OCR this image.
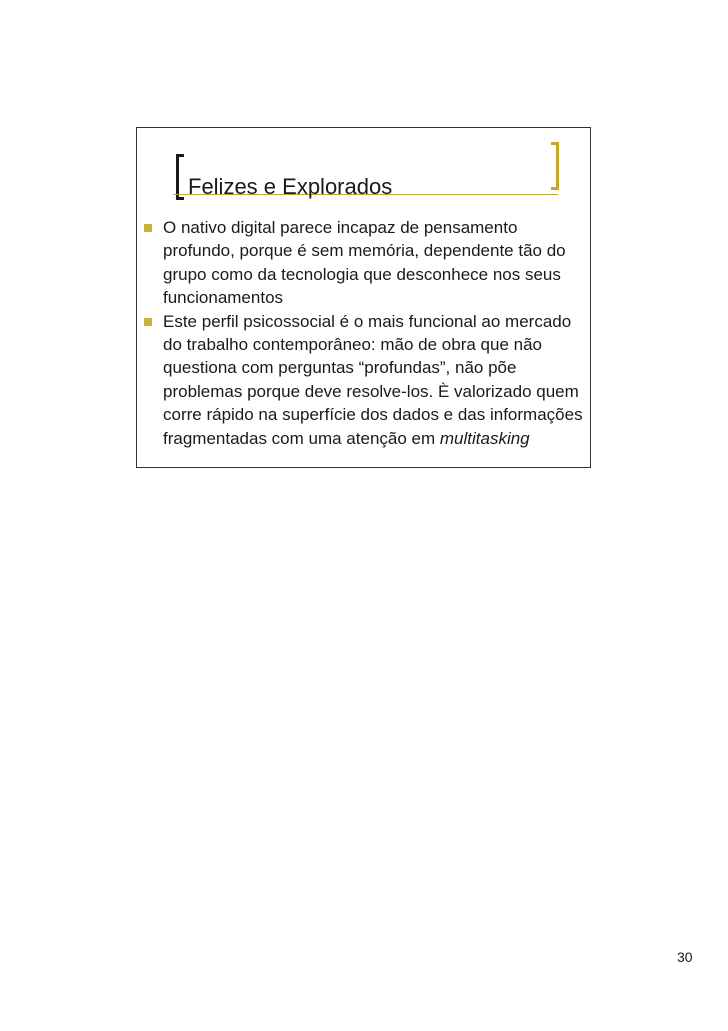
Felizes e Explorados
O nativo digital parece incapaz de pensamento profundo, porque é sem memória, dependente tão do grupo como da tecnologia que desconhece nos seus funcionamentos
Este perfil psicossocial é o mais funcional ao mercado do trabalho contemporâneo: mão de obra que não questiona com perguntas “profundas”, não põe problemas porque deve resolve-los. È valorizado quem corre rápido na superfície dos dados e das informações fragmentadas com uma atenção em multitasking
30
